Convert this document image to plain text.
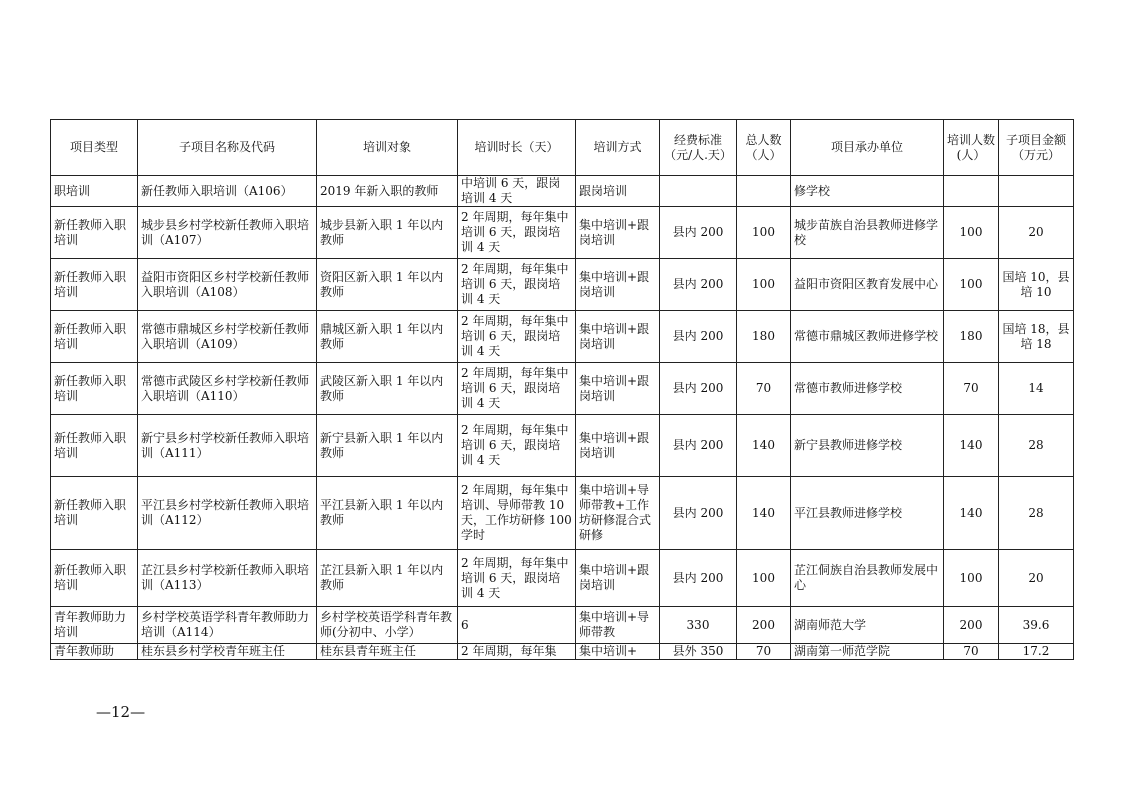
项目类型	子项目名称及代码	培训对象	培训时长（天）	培训方式	经费标准（元/人.天）	总人数（人）	项目承办单位	培训人数(人）	子项目金额（万元）
职培训	新任教师入职培训（A106）	2019 年新入职的教师	中培训 6 天，跟岗培训 4 天	跟岗培训			修学校		
新任教师入职培训	城步县乡村学校新任教师入职培训（A107）	城步县新入职 1 年以内教师	2 年周期，每年集中培训 6 天，跟岗培训 4 天	集中培训+跟岗培训	县内 200	100	城步苗族自治县教师进修学校	100	20
新任教师入职培训	益阳市资阳区乡村学校新任教师入职培训（A108）	资阳区新入职 1 年以内教师	2 年周期，每年集中培训 6 天，跟岗培训 4 天	集中培训+跟岗培训	县内 200	100	益阳市资阳区教育发展中心	100	国培 10，县培 10
新任教师入职培训	常德市鼎城区乡村学校新任教师入职培训（A109）	鼎城区新入职 1 年以内教师	2 年周期，每年集中培训 6 天，跟岗培训 4 天	集中培训+跟岗培训	县内 200	180	常德市鼎城区教师进修学校	180	国培 18，县培 18
新任教师入职培训	常德市武陵区乡村学校新任教师入职培训（A110）	武陵区新入职 1 年以内教师	2 年周期，每年集中培训 6 天，跟岗培训 4 天	集中培训+跟岗培训	县内 200	70	常德市教师进修学校	70	14
新任教师入职培训	新宁县乡村学校新任教师入职培训（A111）	新宁县新入职 1 年以内教师	2 年周期，每年集中培训 6 天，跟岗培训 4 天	集中培训+跟岗培训	县内 200	140	新宁县教师进修学校	140	28
新任教师入职培训	平江县乡村学校新任教师入职培训（A112）	平江县新入职 1 年以内教师	2 年周期，每年集中培训、导师带教 10 天，工作坊研修 100 学时	集中培训+导师带教+工作坊研修混合式研修	县内 200	140	平江县教师进修学校	140	28
新任教师入职培训	芷江县乡村学校新任教师入职培训（A113）	芷江县新入职 1 年以内教师	2 年周期，每年集中培训 6 天，跟岗培训 4 天	集中培训+跟岗培训	县内 200	100	芷江侗族自治县教师发展中心	100	20
青年教师助力培训	乡村学校英语学科青年教师助力培训（A114）	乡村学校英语学科青年教师(分初中、小学）	6	集中培训+导师带教	330	200	湖南师范大学	200	39.6
青年教师助	桂东县乡村学校青年班主任	桂东县青年班主任	2 年周期，每年集	集中培训+	县外 350	70	湖南第一师范学院	70	17.2
—12—
